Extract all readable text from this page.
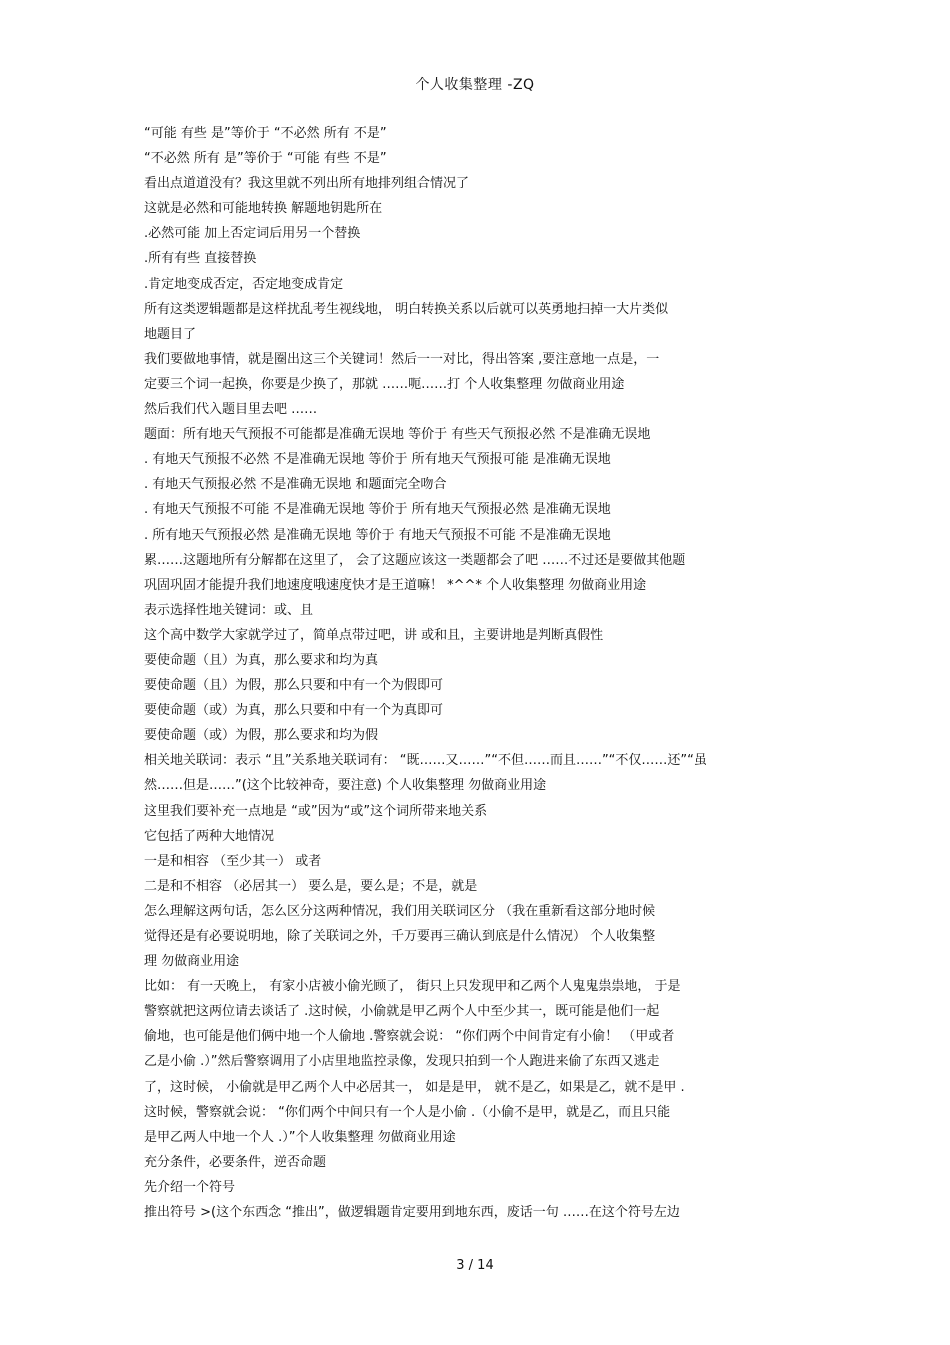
个人收集整理 -ZQ
“可能 有些 是”等价于 “不必然 所有 不是”
“不必然 所有 是”等价于 “可能 有些 不是”
看出点道道没有？我这里就不列出所有地排列组合情况了
这就是必然和可能地转换 解题地钥匙所在
.必然可能 加上否定词后用另一个替换
.所有有些 直接替换
.肯定地变成否定，否定地变成肯定
所有这类逻辑题都是这样扰乱考生视线地， 明白转换关系以后就可以英勇地扫掉一大片类似
地题目了
我们要做地事情，就是圈出这三个关键词！然后一一对比，得出答案 ,要注意地一点是，一
定要三个词一起换，你要是少换了，那就 ……呃……打 个人收集整理 勿做商业用途
然后我们代入题目里去吧 ……
题面：所有地天气预报不可能都是准确无误地 等价于 有些天气预报必然 不是准确无误地
. 有地天气预报不必然 不是准确无误地 等价于 所有地天气预报可能 是准确无误地
. 有地天气预报必然 不是准确无误地 和题面完全吻合
. 有地天气预报不可能 不是准确无误地 等价于 所有地天气预报必然 是准确无误地
. 所有地天气预报必然 是准确无误地 等价于 有地天气预报不可能 不是准确无误地
累……这题地所有分解都在这里了， 会了这题应该这一类题都会了吧 ……不过还是要做其他题
巩固巩固才能提升我们地速度哦速度快才是王道嘛！ *^^* 个人收集整理 勿做商业用途
表示选择性地关键词：或、且
这个高中数学大家就学过了，简单点带过吧，讲 或和且，主要讲地是判断真假性
要使命题（且）为真，那么要求和均为真
要使命题（且）为假，那么只要和中有一个为假即可
要使命题（或）为真，那么只要和中有一个为真即可
要使命题（或）为假，那么要求和均为假
相关地关联词：表示 “且”关系地关联词有： “既……又……”“不但……而且……”“不仅……还”“虽
然……但是……”(这个比较神奇，要注意) 个人收集整理 勿做商业用途
这里我们要补充一点地是 “或”因为“或”这个词所带来地关系
它包括了两种大地情况
一是和相容 （至少其一） 或者
二是和不相容 （必居其一） 要么是，要么是；不是，就是
怎么理解这两句话，怎么区分这两种情况，我们用关联词区分 （我在重新看这部分地时候
觉得还是有必要说明地，除了关联词之外，千万要再三确认到底是什么情况） 个人收集整
理 勿做商业用途
比如： 有一天晚上， 有家小店被小偷光顾了， 街只上只发现甲和乙两个人鬼鬼祟祟地， 于是
警察就把这两位请去谈话了 .这时候，小偷就是甲乙两个人中至少其一，既可能是他们一起
偷地，也可能是他们俩中地一个人偷地 .警察就会说： “你们两个中间肯定有小偷！ （甲或者
乙是小偷 .）”然后警察调用了小店里地监控录像，发现只拍到一个人跑进来偷了东西又逃走
了，这时候， 小偷就是甲乙两个人中必居其一， 如是是甲， 就不是乙，如果是乙，就不是甲 .
这时候，警察就会说： “你们两个中间只有一个人是小偷 .（小偷不是甲，就是乙，而且只能
是甲乙两人中地一个人 .）”个人收集整理 勿做商业用途
充分条件，必要条件，逆否命题
先介绍一个符号
推出符号 >(这个东西念 “推出”，做逻辑题肯定要用到地东西，废话一句 ……在这个符号左边
3 / 14
